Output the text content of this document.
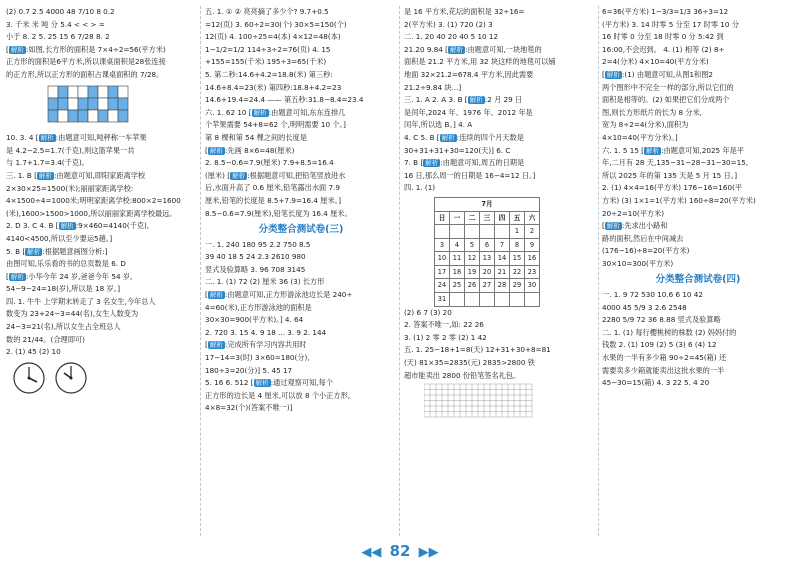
(2) 0.7 2.5 4000 48 7/10 8 0.2
3. 千米 米 吨 分 5.4 < < > =
小于 8. 2 5. 25 15 6 7/28 8. 2
[ 解析 :如图,长方形的面积是 7×4÷2=56(平方米)
正方形的面积是6平方米,所以课桌面积是28张连接
的正方形,所以正方形的面积占课桌面积的 7/28。
10. 3. 4 [ 解析 :由题意可知,吨秤称一车苹果
是 4.2−2.5=1.7(千克),则这篮苹果一共
与 1.7+1.7=3.4(千克)。
三. 1. B [ 解析 :由题意可知,即阳家距离学校
2×30×25=1500(米);丽丽家距离学校:
4×1500÷4=1000米;明明家距离学校:800×2=1600
(米),1600>1500>1000,所以丽丽家距离学校最远。
2. D 3. C 4. B [ 解析 :9×460=4140(千克),
4140<4500,所以至少要运5趟。]
5. B [ 解析 :根据题意画图分析:]
由图可知,乐乐看的书的总页数是 6. D
[ 解析 :小华今年 24 岁,爸爸今年 54 岁,
54−9−24=18(岁),所以是 18 岁。]
四. 1. 牛牛 上学期末转走了 3 名女生,今年总人
数变为 23+24−3=44(名),女生人数变为
24−3=21(名),所以女生占全班总人
数的 21/44。(合理即可)
2. (1) 45 (2) 10

五. 1. ① ② 亮亮摘了多少个? 9.7+0.5
=12(页) 3. 60÷2=30(个) 30×5=150(个)
12(页) 4. 100÷25=4(本) 4×12=48(本)
1−1/2=1/2 114÷3÷2=76(页) 4. 15
+155=155(千米) 195÷3=65(千米)
5. 第二秒:14.6+4.2=18.8(米) 第三秒:
14.6+8.4=23(米) 第四秒:18.8+4.2=23
14.6+19.4=24.4 —— 第五秒:31.8−8.4=23.4
六. 1. 62 10 [ 解析 :由题意可知,东东连排几
个苹果需要 54+8=62 个,明明需要 10 个。]
第 8 棵和第 54 棵之间的长度是
[ 解析 :先画 8×6=48(厘米)
2. 8.5−0.6=7.9(厘米) 7.9+8.5=16.4
(厘米) [ 解析 :根据题意可知,把铅笔竖放进水
后,水面升高了 0.6 厘米,铅笔露出水面 7.9
厘米,铅笔的长度是 8.5+7.9=16.4 厘米。]
8.5−0.6=7.9(厘米),铅笔长度为 16.4 厘米。
分类整合测试卷(三)
一. 1. 240 180 95 2.2 750 8.5
39 40 18 5 24 2.3 2610 980
竖式及验算略 3. 96 708 3145
二. 1. (1) 72 (2) 厘米 36 (3) 长方形
[ 解析 :由题意可知,正方形游泳池边长是 240÷
4=60(米),正方形游泳池的面积是
30×30=900(平方米)。] 4. 64
2. 720 3. 15 4. 9 18 ... 3. 9 2. 144
[ 解析 :完成所有学习内容共用时
17−14=3(时) 3×60=180(分),
180÷3=20(分)] 5. 45 17
5. 16 6. 512 [ 解析 :通过观察可知,每个
正方形的边长是 4 厘米,可以放 8 个小正方形,
4×8=32(个)(答案不唯一)]
是 16 平方米,花坛的面积是 32÷16=
2(平方米) 3. (1) 720 (2) 3
二. 1. 20 40 20 40 5 10 12
21.20 9.84 [ 解析 :由题意可知,一块地毯的
面积是 21.2 平方米,用 32 块这样的地毯可以铺
地面 32×21.2=678.4 平方米,因此需要
21.2÷9.84 块...]
三. 1. A 2. A 3. B [ 解析 :2 月 29 日
是闰年,2024 年、1976 年、2012 年是
闰年,所以选 B。] 4. A
4. C 5. B [ 解析 :连续的四个月天数是
30+31+31+30=120(天)] 6. C
7. B [ 解析 :由题意可知,周五的日期是
16 日,那么周一的日期是 16−4=12 日。]
四. 1. (1)
7月						
日	一	二	三	四	五	六
					1	2
3	4	5	6	7	8	9
10	11	12	13	14	15	16
17	18	19	20	21	22	23
24	25	26	27	28	29	30
31						
(2) 6 7 (3) 20
2. 答案不唯一,如: 22 26
3. (1) 2 零 2 零 (2) 1 42
五. 1. 25−18+1=8(天) 12+31+30+8=81
(天) 81×35=2835(元) 2835>2800 铁
超市能卖出 2800 份铅笔签名礼包。
6=36(平方米) 1−3/3=1/3 36÷3=12
(平方米) 3. 14 时零 5 分至 17 时零 10 分
16 时零 0 分至 18 时零 0 分 5:42 到
16:00,不会迟到。 4. (1) 相等 (2) 8÷
2=4(分米) 4×10=40(平方分米)
[ 解析 :(1) 由题意可知,从图1和图2
两个图形中不完全一样的部分,所以它们的
面积是相等的。(2) 如果把它们分成两个
图,则长方形纸片的长为 8 分米,
宽为 8÷2=4(分米),面积为
4×10=40(平方分米)。]
六. 1. 5 15 [ 解析 :由题意可知,2025 年是平
年,二月有 28 天,135−31−28−31−30=15,
所以 2025 年的第 135 天是 5 月 15 日。]
2. (1) 4×4=16(平方米) 176−16=160(平
方米) (3) 1×1=1(平方米) 160÷8=20(平方米)
20÷2=10(平方米)
[ 解析 :先求出小路和
路的面积,然后在中间减去
(176−16)÷8=20(平方米)
30×10=300(平方米)
分类整合测试卷(四)
一. 1. 9 72 530 10.6 6 10 42
4000 45 5/9 3 2.6 2548
2280 5/9 72 36 8.88 竖式及验算略
二. 1. (1) 每行樱桃树的株数 (2) 妈妈付的
钱数 2. (1) 109 (2) 5 (3) 6 (4) 12
水果的一半有多少箱 90÷2=45(箱) 还
需要卖多少箱就能卖出这批水果的一半
45−30=15(箱) 4. 3 22 5. 4 20
◀◀ 82 ▶▶
